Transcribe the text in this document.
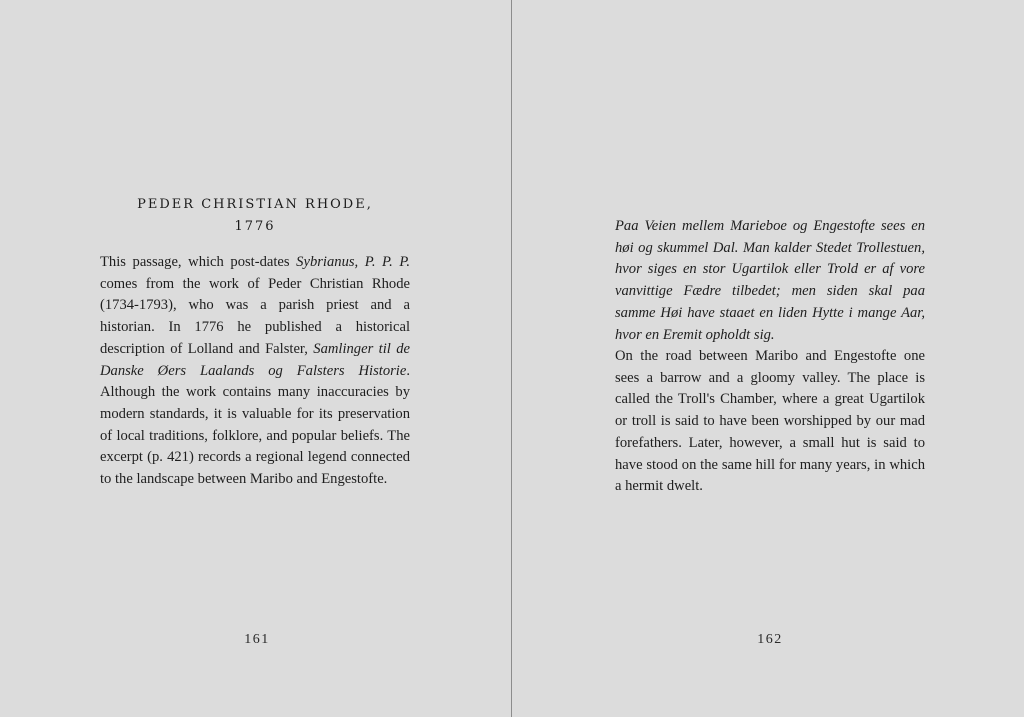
PEDER CHRISTIAN RHODE,
1776

This passage, which post-dates Sybrianus, P. P. P. comes from the work of Peder Christian Rhode (1734-1793), who was a parish priest and a historian. In 1776 he published a historical description of Lolland and Falster, Samlinger til de Danske Øers Laalands og Falsters Historie. Although the work contains many inaccuracies by modern standards, it is valuable for its preservation of local traditions, folklore, and popular beliefs. The excerpt (p. 421) records a regional legend connected to the landscape between Maribo and Engestofte.

161

Paa Veien mellem Marieboe og Engestofte sees en høi og skummel Dal. Man kalder Stedet Trollestuen, hvor siges en stor Ugartilok eller Trold er af vore vanvittige Fædre tilbedet; men siden skal paa samme Høi have staaet en liden Hytte i mange Aar, hvor en Eremit opholdt sig.

On the road between Maribo and Engestofte one sees a barrow and a gloomy valley. The place is called the Troll's Chamber, where a great Ugartilok or troll is said to have been worshipped by our mad forefathers. Later, however, a small hut is said to have stood on the same hill for many years, in which a hermit dwelt.

162
